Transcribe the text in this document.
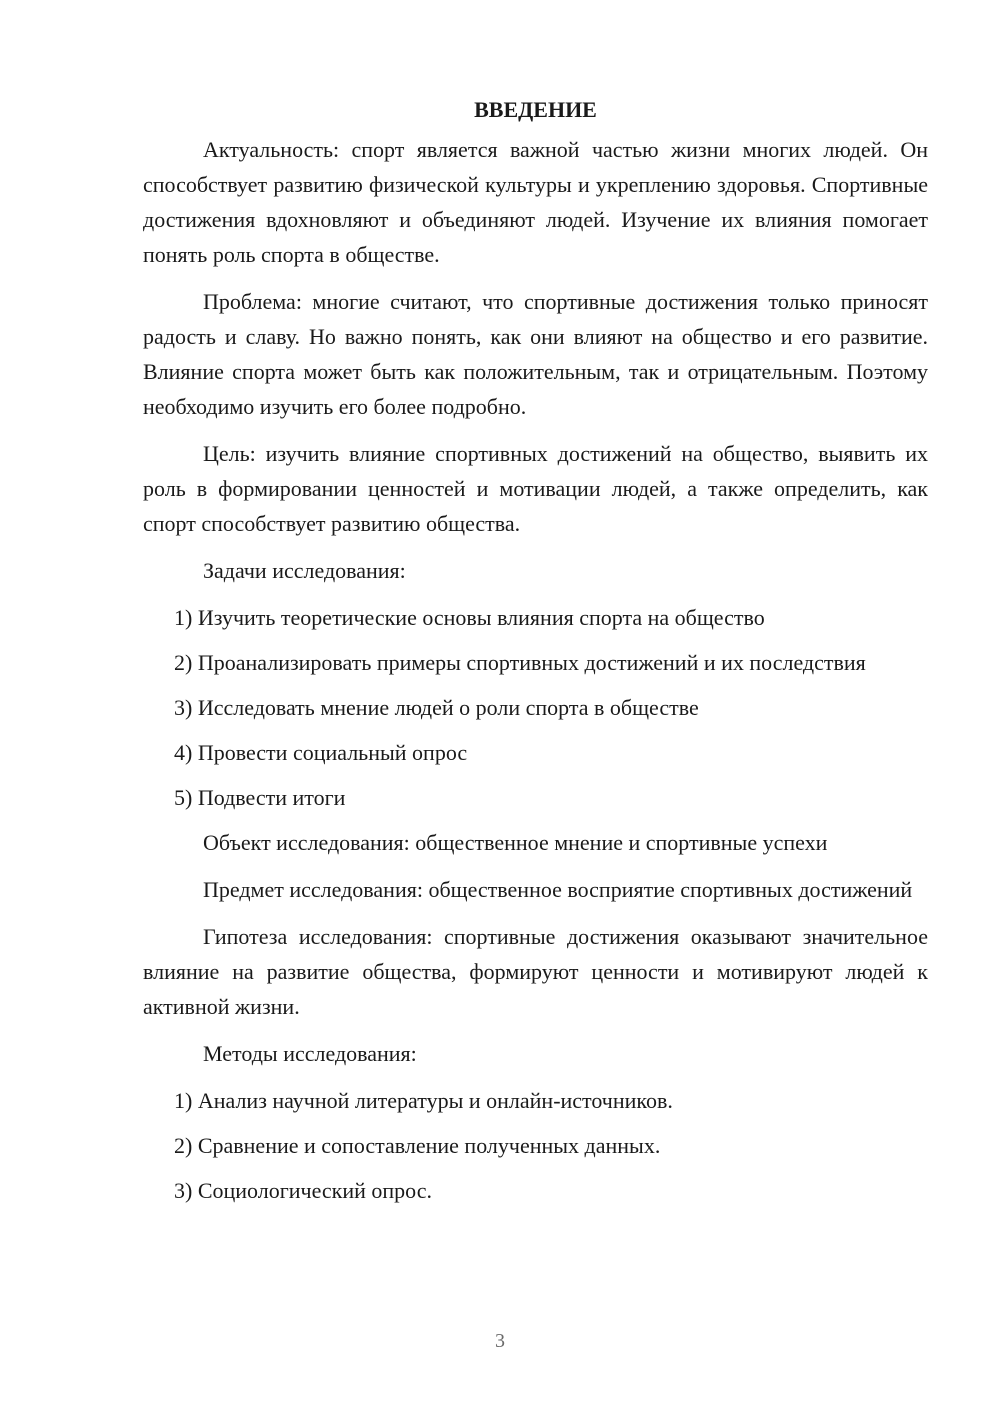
ВВЕДЕНИЕ

Актуальность: спорт является важной частью жизни многих людей. Он способствует развитию физической культуры и укреплению здоровья. Спортивные достижения вдохновляют и объединяют людей. Изучение их влияния помогает понять роль спорта в обществе.

Проблема: многие считают, что спортивные достижения только приносят радость и славу. Но важно понять, как они влияют на общество и его развитие. Влияние спорта может быть как положительным, так и отрицательным. Поэтому необходимо изучить его более подробно.

Цель: изучить влияние спортивных достижений на общество, выявить их роль в формировании ценностей и мотивации людей, а также определить, как спорт способствует развитию общества.

Задачи исследования:

1) Изучить теоретические основы влияния спорта на общество

2) Проанализировать примеры спортивных достижений и их последствия

3) Исследовать мнение людей о роли спорта в обществе

4) Провести социальный опрос

5) Подвести итоги

Объект исследования: общественное мнение и спортивные успехи

Предмет исследования: общественное восприятие спортивных достижений

Гипотеза исследования: спортивные достижения оказывают значительное влияние на развитие общества, формируют ценности и мотивируют людей к активной жизни.

Методы исследования:

1) Анализ научной литературы и онлайн-источников.

2) Сравнение и сопоставление полученных данных.

3) Социологический опрос.

3
